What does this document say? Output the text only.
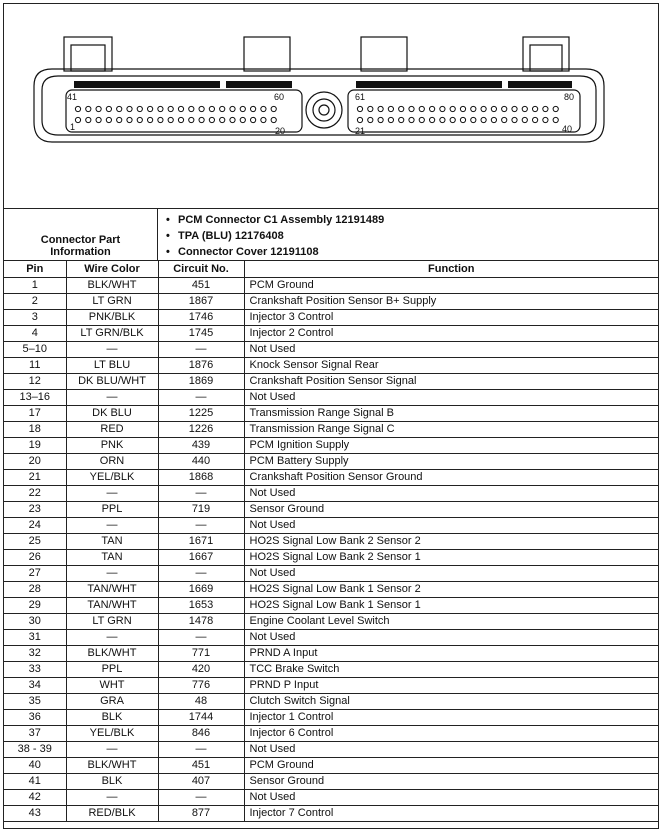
41	60
1	20
61	80
21	40
Connector Part
Information
• PCM Connector C1 Assembly 12191489
• TPA (BLU) 12176408
• Connector Cover 12191108
Pin	Wire Color	Circuit No.	Function
1	BLK/WHT	451	PCM Ground
2	LT GRN	1867	Crankshaft Position Sensor B+ Supply
3	PNK/BLK	1746	Injector 3 Control
4	LT GRN/BLK	1745	Injector 2 Control
5–10	—	—	Not Used
11	LT BLU	1876	Knock Sensor Signal Rear
12	DK BLU/WHT	1869	Crankshaft Position Sensor Signal
13–16	—	—	Not Used
17	DK BLU	1225	Transmission Range Signal B
18	RED	1226	Transmission Range Signal C
19	PNK	439	PCM Ignition Supply
20	ORN	440	PCM Battery Supply
21	YEL/BLK	1868	Crankshaft Position Sensor Ground
22	—	—	Not Used
23	PPL	719	Sensor Ground
24	—	—	Not Used
25	TAN	1671	HO2S Signal Low Bank 2 Sensor 2
26	TAN	1667	HO2S Signal Low Bank 2 Sensor 1
27	—	—	Not Used
28	TAN/WHT	1669	HO2S Signal Low Bank 1 Sensor 2
29	TAN/WHT	1653	HO2S Signal Low Bank 1 Sensor 1
30	LT GRN	1478	Engine Coolant Level Switch
31	—	—	Not Used
32	BLK/WHT	771	PRND A Input
33	PPL	420	TCC Brake Switch
34	WHT	776	PRND P Input
35	GRA	48	Clutch Switch Signal
36	BLK	1744	Injector 1 Control
37	YEL/BLK	846	Injector 6 Control
38 - 39	—	—	Not Used
40	BLK/WHT	451	PCM Ground
41	BLK	407	Sensor Ground
42	—	—	Not Used
43	RED/BLK	877	Injector 7 Control
